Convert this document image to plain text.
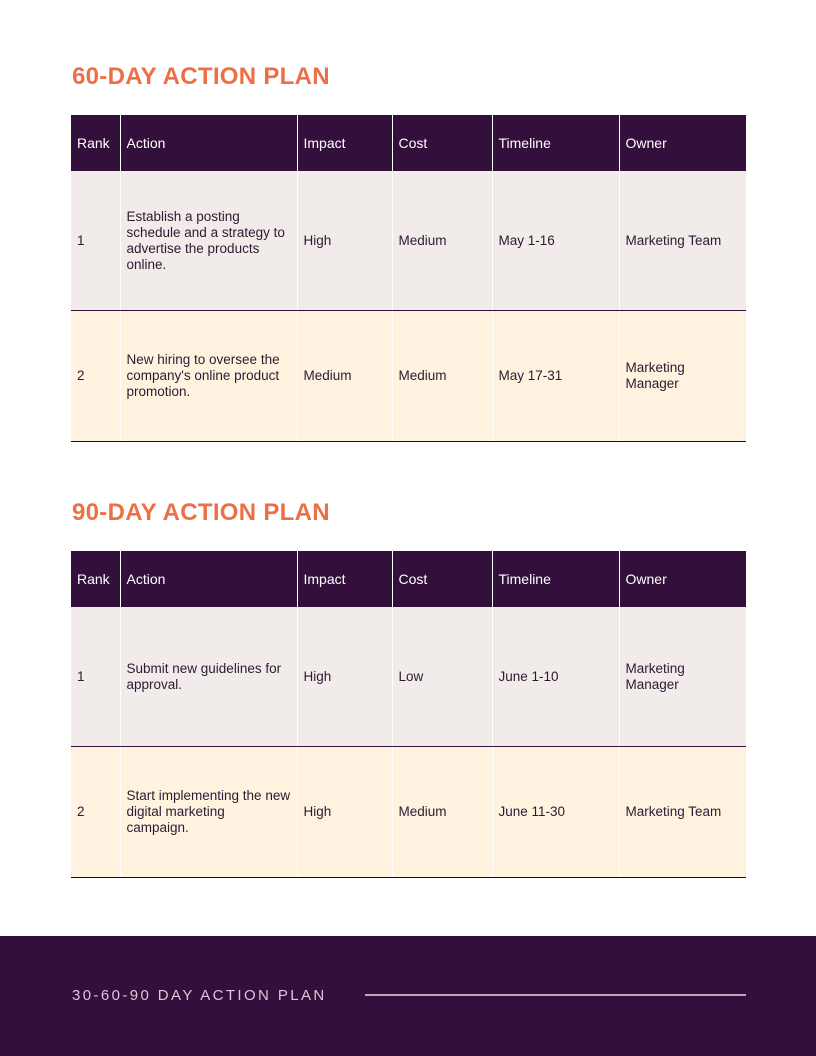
60-DAY ACTION PLAN
Rank	Action	Impact	Cost	Timeline	Owner
1	Establish a posting schedule and a strategy to advertise the products online.	High	Medium	May 1-16	Marketing Team
2	New hiring to oversee the company's online product promotion.	Medium	Medium	May 17-31	Marketing Manager
90-DAY ACTION PLAN
Rank	Action	Impact	Cost	Timeline	Owner
1	Submit new guidelines for approval.	High	Low	June 1-10	Marketing Manager
2	Start implementing the new digital marketing campaign.	High	Medium	June 11-30	Marketing Team
30-60-90 DAY ACTION PLAN
